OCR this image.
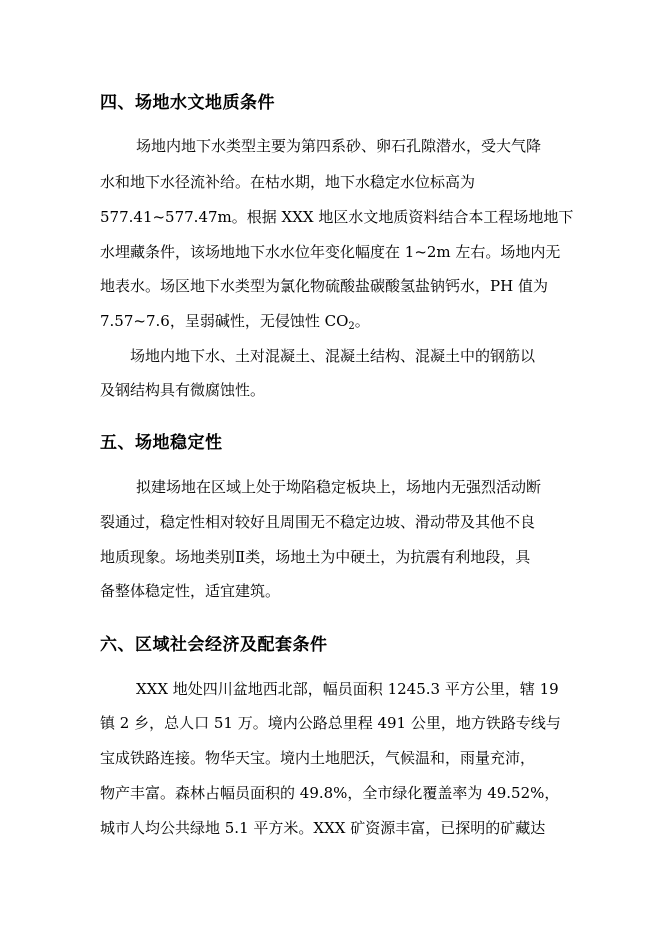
四、场地水文地质条件
场地内地下水类型主要为第四系砂、卵石孔隙潜水，受大气降
水和地下水径流补给。在枯水期，地下水稳定水位标高为
577.41~577.47m。根据 XXX 地区水文地质资料结合本工程场地地下
水埋藏条件，该场地地下水水位年变化幅度在 1~2m 左右。场地内无
地表水。场区地下水类型为氯化物硫酸盐碳酸氢盐钠钙水，PH 值为
7.57~7.6，呈弱碱性，无侵蚀性 $CO_2$。
场地内地下水、土对混凝土、混凝土结构、混凝土中的钢筋以
及钢结构具有微腐蚀性。
五、场地稳定性
拟建场地在区域上处于坳陷稳定板块上，场地内无强烈活动断
裂通过，稳定性相对较好且周围无不稳定边坡、滑动带及其他不良
地质现象。场地类别Ⅱ类，场地土为中硬土，为抗震有利地段，具
备整体稳定性，适宜建筑。
六、区域社会经济及配套条件
XXX 地处四川盆地西北部，幅员面积 1245.3 平方公里，辖 19
镇 2 乡，总人口 51 万。境内公路总里程 491 公里，地方铁路专线与
宝成铁路连接。物华天宝。境内土地肥沃，气候温和，雨量充沛，
物产丰富。森林占幅员面积的 49.8%，全市绿化覆盖率为 49.52%，
城市人均公共绿地 5.1 平方米。XXX 矿资源丰富，已探明的矿藏达
